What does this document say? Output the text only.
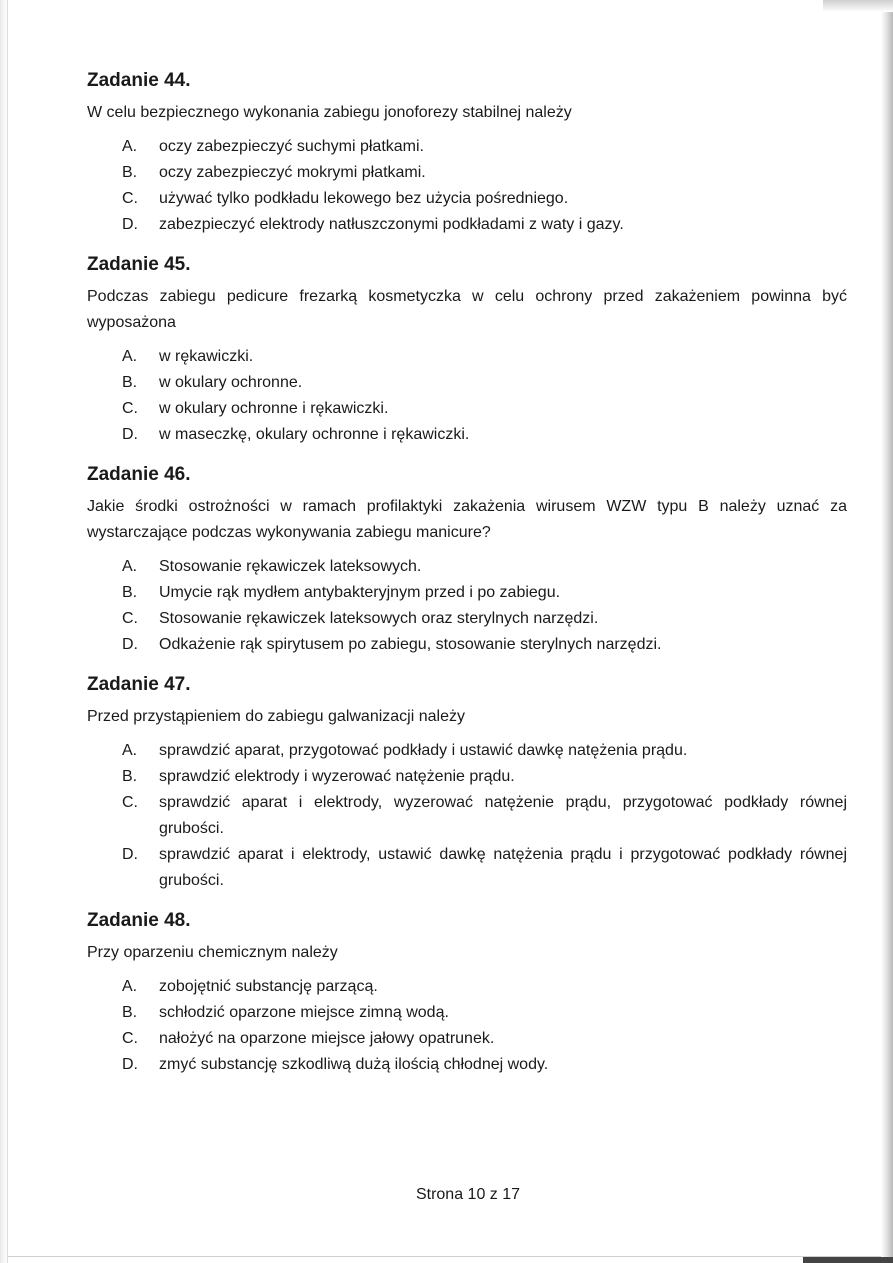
Zadanie 44.

W celu bezpiecznego wykonania zabiegu jonoforezy stabilnej należy

A.	oczy zabezpieczyć suchymi płatkami.
B.	oczy zabezpieczyć mokrymi płatkami.
C.	używać tylko podkładu lekowego bez użycia pośredniego.
D.	zabezpieczyć elektrody natłuszczonymi podkładami z waty i gazy.
Zadanie 45.

Podczas zabiegu pedicure frezarką kosmetyczka w celu ochrony przed zakażeniem powinna być wyposażona

A.	w rękawiczki.
B.	w okulary ochronne.
C.	w okulary ochronne i rękawiczki.
D.	w maseczkę, okulary ochronne i rękawiczki.
Zadanie 46.

Jakie środki ostrożności w ramach profilaktyki zakażenia wirusem WZW typu B należy uznać za wystarczające podczas wykonywania zabiegu manicure?

A.	Stosowanie rękawiczek lateksowych.
B.	Umycie rąk mydłem antybakteryjnym przed i po zabiegu.
C.	Stosowanie rękawiczek lateksowych oraz sterylnych narzędzi.
D.	Odkażenie rąk spirytusem po zabiegu, stosowanie sterylnych narzędzi.
Zadanie 47.

Przed przystąpieniem do zabiegu galwanizacji należy

A.	sprawdzić aparat, przygotować podkłady i ustawić dawkę natężenia prądu.
B.	sprawdzić elektrody i wyzerować natężenie prądu.
C.	sprawdzić aparat i elektrody, wyzerować natężenie prądu, przygotować podkłady równej grubości.
D.	sprawdzić aparat i elektrody, ustawić dawkę natężenia prądu i przygotować podkłady równej grubości.
Zadanie 48.

Przy oparzeniu chemicznym należy

A.	zobojętnić substancję parzącą.
B.	schłodzić oparzone miejsce zimną wodą.
C.	nałożyć na oparzone miejsce jałowy opatrunek.
D.	zmyć substancję szkodliwą dużą ilością chłodnej wody.
Strona 10 z 17
